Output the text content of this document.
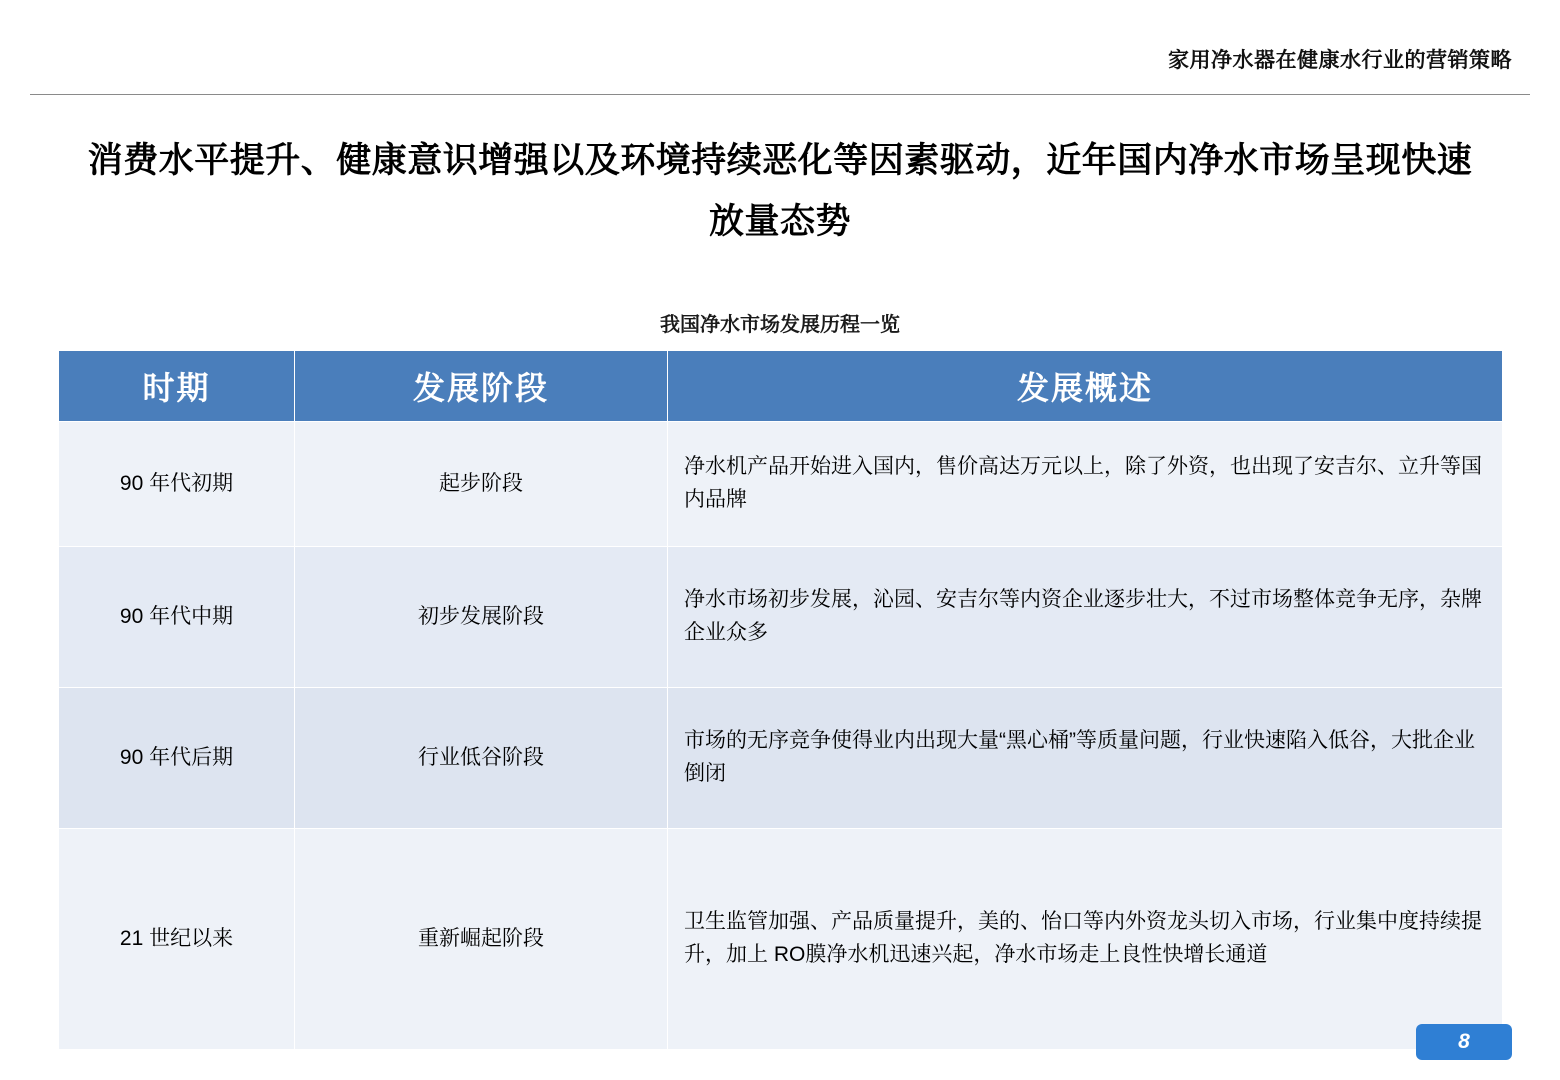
家用净水器在健康水行业的营销策略
消费水平提升、健康意识增强以及环境持续恶化等因素驱动，近年国内净水市场呈现快速放量态势
我国净水市场发展历程一览
时期	发展阶段	发展概述
90 年代初期	起步阶段	净水机产品开始进入国内，售价高达万元以上，除了外资，也出现了安吉尔、立升等国内品牌
90 年代中期	初步发展阶段	净水市场初步发展，沁园、安吉尔等内资企业逐步壮大，不过市场整体竞争无序，杂牌企业众多
90 年代后期	行业低谷阶段	市场的无序竞争使得业内出现大量“黑心桶”等质量问题，行业快速陷入低谷，大批企业倒闭
21 世纪以来	重新崛起阶段	卫生监管加强、产品质量提升，美的、怡口等内外资龙头切入市场，行业集中度持续提升，加上 RO膜净水机迅速兴起，净水市场走上良性快增长通道
8
